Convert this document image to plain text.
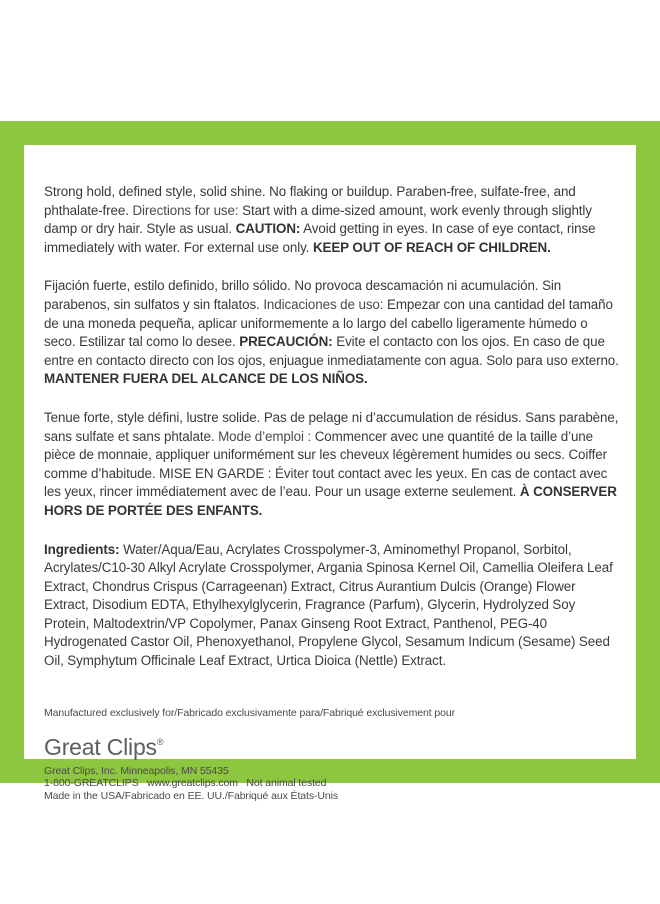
Strong hold, defined style, solid shine. No flaking or buildup. Paraben-free, sulfate-free, and phthalate-free. Directions for use: Start with a dime-sized amount, work evenly through slightly damp or dry hair. Style as usual. CAUTION: Avoid getting in eyes. In case of eye contact, rinse immediately with water. For external use only. KEEP OUT OF REACH OF CHILDREN.

Fijación fuerte, estilo definido, brillo sólido. No provoca descamación ni acumulación. Sin parabenos, sin sulfatos y sin ftalatos. Indicaciones de uso: Empezar con una cantidad del tamaño de una moneda pequeña, aplicar uniformemente a lo largo del cabello ligeramente húmedo o seco. Estilizar tal como lo desee. PRECAUCIÓN: Evite el contacto con los ojos. En caso de que entre en contacto directo con los ojos, enjuague inmediatamente con agua. Solo para uso externo. MANTENER FUERA DEL ALCANCE DE LOS NIÑOS.

Tenue forte, style défini, lustre solide. Pas de pelage ni d’accumulation de résidus. Sans parabène, sans sulfate et sans phtalate. Mode d’emploi : Commencer avec une quantité de la taille d’une pièce de monnaie, appliquer uniformément sur les cheveux légèrement humides ou secs. Coiffer comme d’habitude. MISE EN GARDE : Éviter tout contact avec les yeux. En cas de contact avec les yeux, rincer immédiatement avec de l’eau. Pour un usage externe seulement. À CONSERVER HORS DE PORTÉE DES ENFANTS.

Ingredients: Water/Aqua/Eau, Acrylates Crosspolymer-3, Aminomethyl Propanol, Sorbitol, Acrylates/C10-30 Alkyl Acrylate Crosspolymer, Argania Spinosa Kernel Oil, Camellia Oleifera Leaf Extract, Chondrus Crispus (Carrageenan) Extract, Citrus Aurantium Dulcis (Orange) Flower Extract, Disodium EDTA, Ethylhexylglycerin, Fragrance (Parfum), Glycerin, Hydrolyzed Soy Protein, Maltodextrin/VP Copolymer, Panax Ginseng Root Extract, Panthenol, PEG-40 Hydrogenated Castor Oil, Phenoxyethanol, Propylene Glycol, Sesamum Indicum (Sesame) Seed Oil, Symphytum Officinale Leaf Extract, Urtica Dioica (Nettle) Extract.

Manufactured exclusively for/Fabricado exclusivamente para/Fabriqué exclusivement pour
Great Clips®
Great Clips, Inc. Minneapolis, MN 55435
1-800-GREATCLIPS www.greatclips.com Not animal tested
Made in the USA/Fabricado en EE. UU./Fabriqué aux États-Unis
